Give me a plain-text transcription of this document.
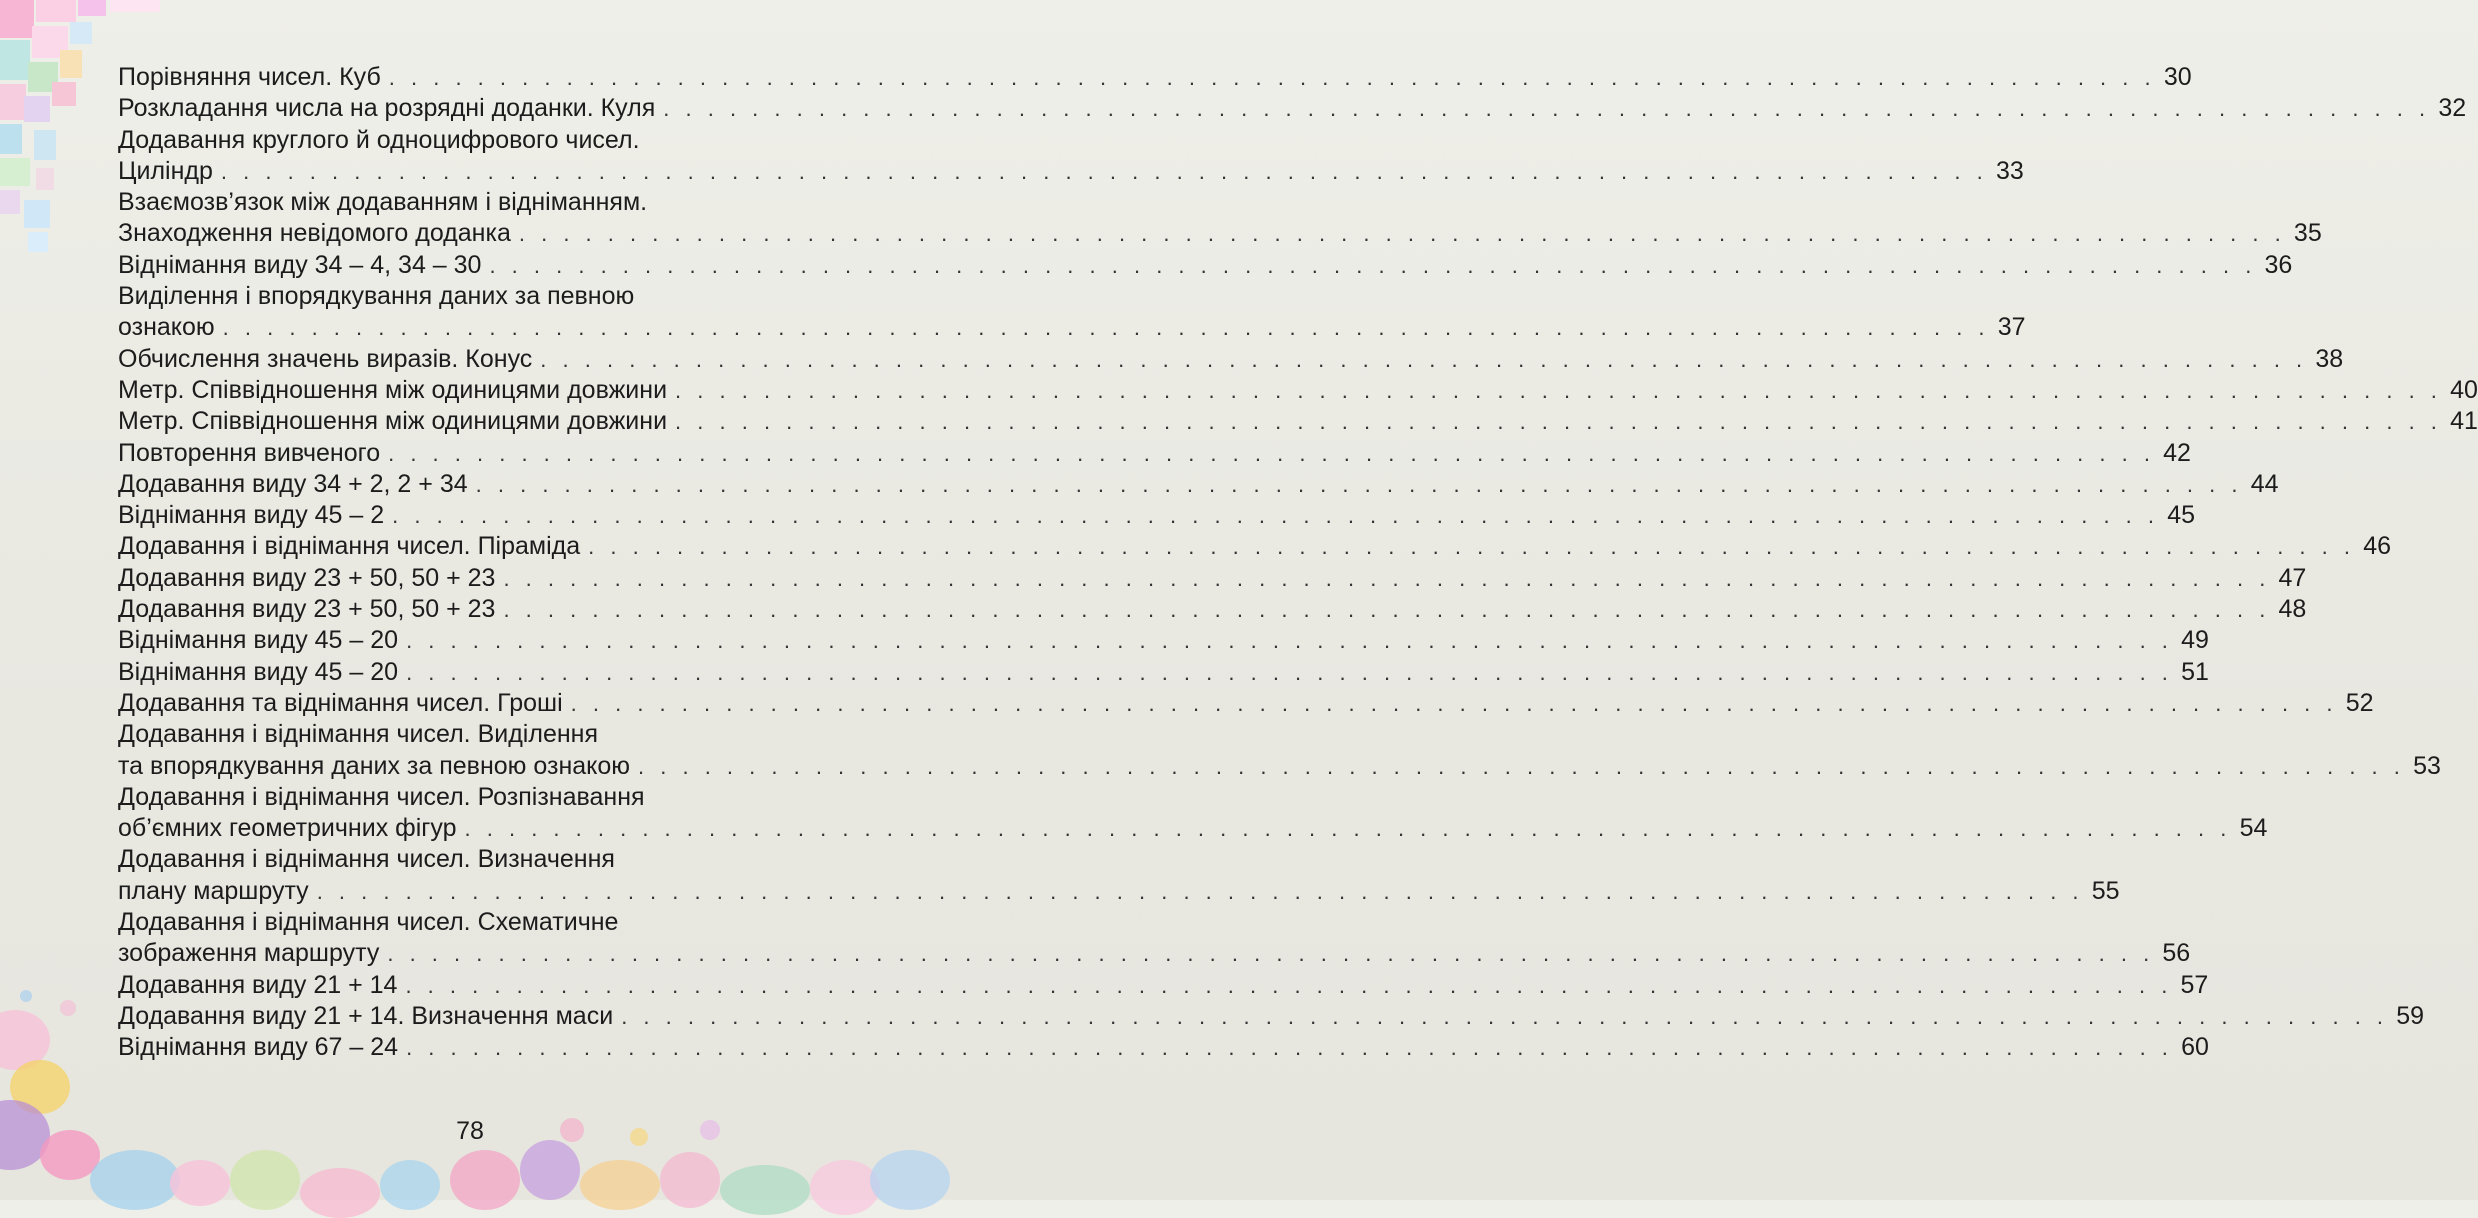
Порівняння чисел. Куб . . . . . . . . . . . . . . . . . . . . . . . . . . . . . . . . . . . . . . . . . . . . . . . . . . . . . . . . . . . . . . . . . . . . . . . . . . . . . . . . 30
Розкладання числа на розрядні доданки. Куля . . . . . . . . . . . . . . . . . . . . . . . . . . . . . . . . . . . . . . . . . . . . . . . . . . . . . . . . . . . . . . . . . . . . . . . . . . . . . . . . 32
Додавання круглого й одноцифрового чисел.
Циліндр . . . . . . . . . . . . . . . . . . . . . . . . . . . . . . . . . . . . . . . . . . . . . . . . . . . . . . . . . . . . . . . . . . . . . . . . . . . . . . . . 33
Взаємозв’язок між додаванням і відніманням.
Знаходження невідомого доданка . . . . . . . . . . . . . . . . . . . . . . . . . . . . . . . . . . . . . . . . . . . . . . . . . . . . . . . . . . . . . . . . . . . . . . . . . . . . . . . . 35
Віднімання виду 34 – 4, 34 – 30 . . . . . . . . . . . . . . . . . . . . . . . . . . . . . . . . . . . . . . . . . . . . . . . . . . . . . . . . . . . . . . . . . . . . . . . . . . . . . . . . 36
Виділення і впорядкування даних за певною
ознакою . . . . . . . . . . . . . . . . . . . . . . . . . . . . . . . . . . . . . . . . . . . . . . . . . . . . . . . . . . . . . . . . . . . . . . . . . . . . . . . . 37
Обчислення значень виразів. Конус . . . . . . . . . . . . . . . . . . . . . . . . . . . . . . . . . . . . . . . . . . . . . . . . . . . . . . . . . . . . . . . . . . . . . . . . . . . . . . . . 38
Метр. Співвідношення між одиницями довжини . . . . . . . . . . . . . . . . . . . . . . . . . . . . . . . . . . . . . . . . . . . . . . . . . . . . . . . . . . . . . . . . . . . . . . . . . . . . . . . . 40
Метр. Співвідношення між одиницями довжини . . . . . . . . . . . . . . . . . . . . . . . . . . . . . . . . . . . . . . . . . . . . . . . . . . . . . . . . . . . . . . . . . . . . . . . . . . . . . . . . 41
Повторення вивченого . . . . . . . . . . . . . . . . . . . . . . . . . . . . . . . . . . . . . . . . . . . . . . . . . . . . . . . . . . . . . . . . . . . . . . . . . . . . . . . . 42
Додавання виду 34 + 2, 2 + 34 . . . . . . . . . . . . . . . . . . . . . . . . . . . . . . . . . . . . . . . . . . . . . . . . . . . . . . . . . . . . . . . . . . . . . . . . . . . . . . . . 44
Віднімання виду 45 – 2 . . . . . . . . . . . . . . . . . . . . . . . . . . . . . . . . . . . . . . . . . . . . . . . . . . . . . . . . . . . . . . . . . . . . . . . . . . . . . . . . 45
Додавання і віднімання чисел. Піраміда . . . . . . . . . . . . . . . . . . . . . . . . . . . . . . . . . . . . . . . . . . . . . . . . . . . . . . . . . . . . . . . . . . . . . . . . . . . . . . . . 46
Додавання виду 23 + 50, 50 + 23 . . . . . . . . . . . . . . . . . . . . . . . . . . . . . . . . . . . . . . . . . . . . . . . . . . . . . . . . . . . . . . . . . . . . . . . . . . . . . . . . 47
Додавання виду 23 + 50, 50 + 23 . . . . . . . . . . . . . . . . . . . . . . . . . . . . . . . . . . . . . . . . . . . . . . . . . . . . . . . . . . . . . . . . . . . . . . . . . . . . . . . . 48
Віднімання виду 45 – 20 . . . . . . . . . . . . . . . . . . . . . . . . . . . . . . . . . . . . . . . . . . . . . . . . . . . . . . . . . . . . . . . . . . . . . . . . . . . . . . . . 49
Віднімання виду 45 – 20 . . . . . . . . . . . . . . . . . . . . . . . . . . . . . . . . . . . . . . . . . . . . . . . . . . . . . . . . . . . . . . . . . . . . . . . . . . . . . . . . 51
Додавання та віднімання чисел. Гроші . . . . . . . . . . . . . . . . . . . . . . . . . . . . . . . . . . . . . . . . . . . . . . . . . . . . . . . . . . . . . . . . . . . . . . . . . . . . . . . . 52
Додавання і віднімання чисел. Виділення
та впорядкування даних за певною ознакою . . . . . . . . . . . . . . . . . . . . . . . . . . . . . . . . . . . . . . . . . . . . . . . . . . . . . . . . . . . . . . . . . . . . . . . . . . . . . . . . 53
Додавання і віднімання чисел. Розпізнавання
об’ємних геометричних фігур . . . . . . . . . . . . . . . . . . . . . . . . . . . . . . . . . . . . . . . . . . . . . . . . . . . . . . . . . . . . . . . . . . . . . . . . . . . . . . . . 54
Додавання і віднімання чисел. Визначення
плану маршруту . . . . . . . . . . . . . . . . . . . . . . . . . . . . . . . . . . . . . . . . . . . . . . . . . . . . . . . . . . . . . . . . . . . . . . . . . . . . . . . . 55
Додавання і віднімання чисел. Схематичне
зображення маршруту . . . . . . . . . . . . . . . . . . . . . . . . . . . . . . . . . . . . . . . . . . . . . . . . . . . . . . . . . . . . . . . . . . . . . . . . . . . . . . . . 56
Додавання виду 21 + 14 . . . . . . . . . . . . . . . . . . . . . . . . . . . . . . . . . . . . . . . . . . . . . . . . . . . . . . . . . . . . . . . . . . . . . . . . . . . . . . . . 57
Додавання виду 21 + 14. Визначення маси . . . . . . . . . . . . . . . . . . . . . . . . . . . . . . . . . . . . . . . . . . . . . . . . . . . . . . . . . . . . . . . . . . . . . . . . . . . . . . . . 59
Віднімання виду 67 – 24 . . . . . . . . . . . . . . . . . . . . . . . . . . . . . . . . . . . . . . . . . . . . . . . . . . . . . . . . . . . . . . . . . . . . . . . . . . . . . . . . 60
78
